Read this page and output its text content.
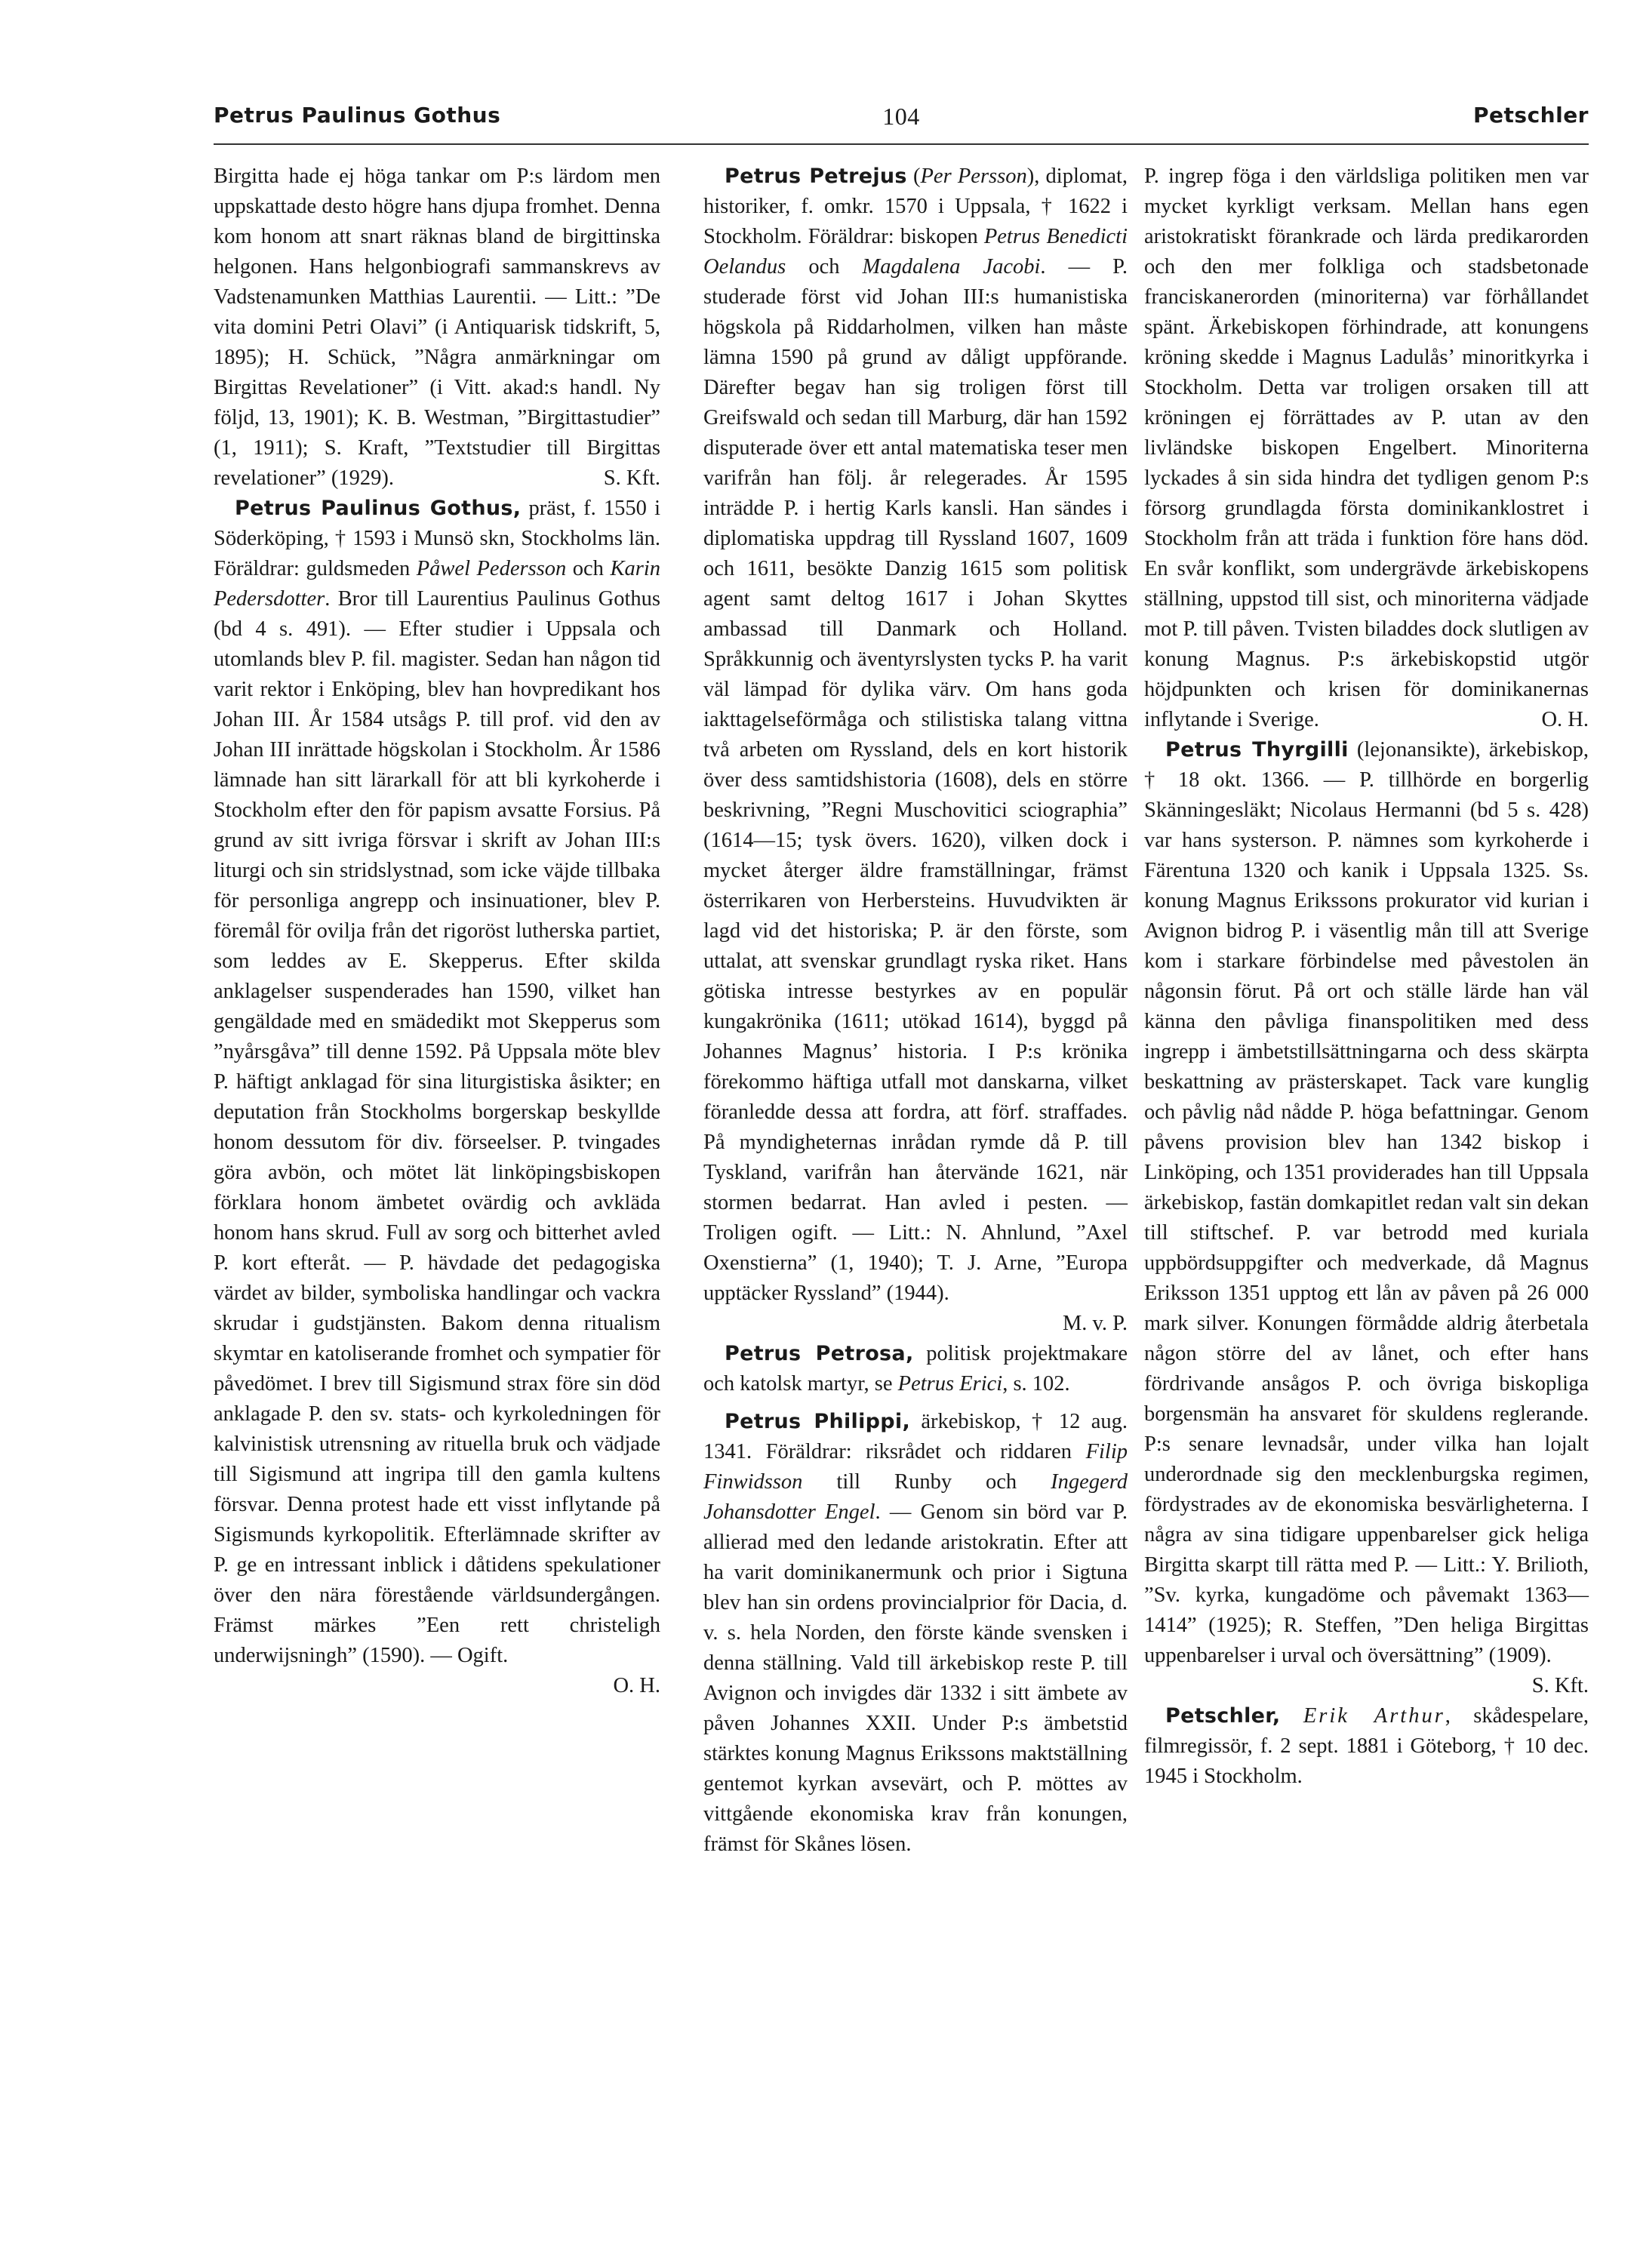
Petrus Paulinus Gothus	104	Petschler

Birgitta hade ej höga tankar om P:s lärdom men uppskattade desto högre hans djupa fromhet. Denna kom honom att snart räknas bland de birgittinska helgonen. Hans helgonbiografi sammanskrevs av Vadstenamunken Matthias Laurentii. — Litt.: ”De vita domini Petri Olavi” (i Antiquarisk tidskrift, 5, 1895); H. Schück, ”Några anmärkningar om Birgittas Revelationer” (i Vitt. akad:s handl. Ny följd, 13, 1901); K. B. Westman, ”Birgittastudier” (1, 1911); S. Kraft, ”Textstudier till Birgittas revelationer” (1929).	S. Kft.

Petrus Paulinus Gothus, präst, f. 1550 i Söderköping, † 1593 i Munsö skn, Stockholms län. Föräldrar: guldsmeden Påwel Pedersson och Karin Pedersdotter. Bror till Laurentius Paulinus Gothus (bd 4 s. 491). — Efter studier i Uppsala och utomlands blev P. fil. magister. Sedan han någon tid varit rektor i Enköping, blev han hovpredikant hos Johan III. År 1584 utsågs P. till prof. vid den av Johan III inrättade högskolan i Stockholm. År 1586 lämnade han sitt lärarkall för att bli kyrkoherde i Stockholm efter den för papism avsatte Forsius. På grund av sitt ivriga försvar i skrift av Johan III:s liturgi och sin stridslystnad, som icke väjde tillbaka för personliga angrepp och insinuationer, blev P. föremål för ovilja från det rigoröst lutherska partiet, som leddes av E. Skepperus. Efter skilda anklagelser suspenderades han 1590, vilket han gengäldade med en smädedikt mot Skepperus som ”nyårsgåva” till denne 1592. På Uppsala möte blev P. häftigt anklagad för sina liturgistiska åsikter; en deputation från Stockholms borgerskap beskyllde honom dessutom för div. förseelser. P. tvingades göra avbön, och mötet lät linköpingsbiskopen förklara honom ämbetet ovärdig och avkläda honom hans skrud. Full av sorg och bitterhet avled P. kort efteråt. — P. hävdade det pedagogiska värdet av bilder, symboliska handlingar och vackra skrudar i gudstjänsten. Bakom denna ritualism skymtar en katoliserande fromhet och sympatier för påvedömet. I brev till Sigismund strax före sin död anklagade P. den sv. stats- och kyrkoledningen för kalvinistisk utrensning av rituella bruk och vädjade till Sigismund att ingripa till den gamla kultens försvar. Denna protest hade ett visst inflytande på Sigismunds kyrkopolitik. Efterlämnade skrifter av P. ge en intressant inblick i dåtidens spekulationer över den nära förestående världsundergången. Främst märkes ”Een rett christeligh underwijsningh” (1590). — Ogift.

O. H.

Petrus Petrejus (Per Persson), diplomat, historiker, f. omkr. 1570 i Uppsala, † 1622 i Stockholm. Föräldrar: biskopen Petrus Benedicti Oelandus och Magdalena Jacobi. — P. studerade först vid Johan III:s humanistiska högskola på Riddarholmen, vilken han måste lämna 1590 på grund av dåligt uppförande. Därefter begav han sig troligen först till Greifswald och sedan till Marburg, där han 1592 disputerade över ett antal matematiska teser men varifrån han följ. år relegerades. År 1595 inträdde P. i hertig Karls kansli. Han sändes i diplomatiska uppdrag till Ryssland 1607, 1609 och 1611, besökte Danzig 1615 som politisk agent samt deltog 1617 i Johan Skyttes ambassad till Danmark och Holland. Språkkunnig och äventyrslysten tycks P. ha varit väl lämpad för dylika värv. Om hans goda iakttagelseförmåga och stilistiska talang vittna två arbeten om Ryssland, dels en kort historik över dess samtidshistoria (1608), dels en större beskrivning, ”Regni Muschovitici sciographia” (1614—15; tysk övers. 1620), vilken dock i mycket återger äldre framställningar, främst österrikaren von Herbersteins. Huvudvikten är lagd vid det historiska; P. är den förste, som uttalat, att svenskar grundlagt ryska riket. Hans götiska intresse bestyrkes av en populär kungakrönika (1611; utökad 1614), byggd på Johannes Magnus’ historia. I P:s krönika förekommo häftiga utfall mot danskarna, vilket föranledde dessa att fordra, att förf. straffades. På myndigheternas inrådan rymde då P. till Tyskland, varifrån han återvände 1621, när stormen bedarrat. Han avled i pesten. — Troligen ogift. — Litt.: N. Ahnlund, ”Axel Oxenstierna” (1, 1940); T. J. Arne, ”Europa upptäcker Ryssland” (1944).

M. v. P.

Petrus Petrosa, politisk projektmakare och katolsk martyr, se Petrus Erici, s. 102.

Petrus Philippi, ärkebiskop, † 12 aug. 1341. Föräldrar: riksrådet och riddaren Filip Finwidsson till Runby och Ingegerd Johansdotter Engel. — Genom sin börd var P. allierad med den ledande aristokratin. Efter att ha varit dominikanermunk och prior i Sigtuna blev han sin ordens provincialprior för Dacia, d. v. s. hela Norden, den förste kände svensken i denna ställning. Vald till ärkebiskop reste P. till Avignon och invigdes där 1332 i sitt ämbete av påven Johannes XXII. Under P:s ämbetstid stärktes konung Magnus Erikssons maktställning gentemot kyrkan avsevärt, och P. möttes av vittgående ekonomiska krav från konungen, främst för Skånes lösen.

P. ingrep föga i den världsliga politiken men var mycket kyrkligt verksam. Mellan hans egen aristokratiskt förankrade och lärda predikarorden och den mer folkliga och stadsbetonade franciskanerorden (minoriterna) var förhållandet spänt. Ärkebiskopen förhindrade, att konungens kröning skedde i Magnus Ladulås’ minoritkyrka i Stockholm. Detta var troligen orsaken till att kröningen ej förrättades av P. utan av den livländske biskopen Engelbert. Minoriterna lyckades å sin sida hindra det tydligen genom P:s försorg grundlagda första dominikanklostret i Stockholm från att träda i funktion före hans död. En svår konflikt, som undergrävde ärkebiskopens ställning, uppstod till sist, och minoriterna vädjade mot P. till påven. Tvisten biladdes dock slutligen av konung Magnus. P:s ärkebiskopstid utgör höjdpunkten och krisen för dominikanernas inflytande i Sverige.	O. H.

Petrus Thyrgilli (lejonansikte), ärkebiskop, † 18 okt. 1366. — P. tillhörde en borgerlig Skänningesläkt; Nicolaus Hermanni (bd 5 s. 428) var hans systerson. P. nämnes som kyrkoherde i Färentuna 1320 och kanik i Uppsala 1325. Ss. konung Magnus Erikssons prokurator vid kurian i Avignon bidrog P. i väsentlig mån till att Sverige kom i starkare förbindelse med påvestolen än någonsin förut. På ort och ställe lärde han väl känna den påvliga finanspolitiken med dess ingrepp i ämbetstillsättningarna och dess skärpta beskattning av prästerskapet. Tack vare kunglig och påvlig nåd nådde P. höga befattningar. Genom påvens provision blev han 1342 biskop i Linköping, och 1351 providerades han till Uppsala ärkebiskop, fastän domkapitlet redan valt sin dekan till stiftschef. P. var betrodd med kuriala uppbördsuppgifter och medverkade, då Magnus Eriksson 1351 upptog ett lån av påven på 26 000 mark silver. Konungen förmådde aldrig återbetala någon större del av lånet, och efter hans fördrivande ansågos P. och övriga biskopliga borgensmän ha ansvaret för skuldens reglerande. P:s senare levnadsår, under vilka han lojalt underordnade sig den mecklenburgska regimen, fördystrades av de ekonomiska besvärligheterna. I några av sina tidigare uppenbarelser gick heliga Birgitta skarpt till rätta med P. — Litt.: Y. Brilioth, ”Sv. kyrka, kungadöme och påvemakt 1363—1414” (1925); R. Steffen, ”Den heliga Birgittas uppenbarelser i urval och översättning” (1909).
S. Kft.

Petschler, Erik Arthur, skådespelare, filmregissör, f. 2 sept. 1881 i Göteborg, † 10 dec. 1945 i Stockholm.
